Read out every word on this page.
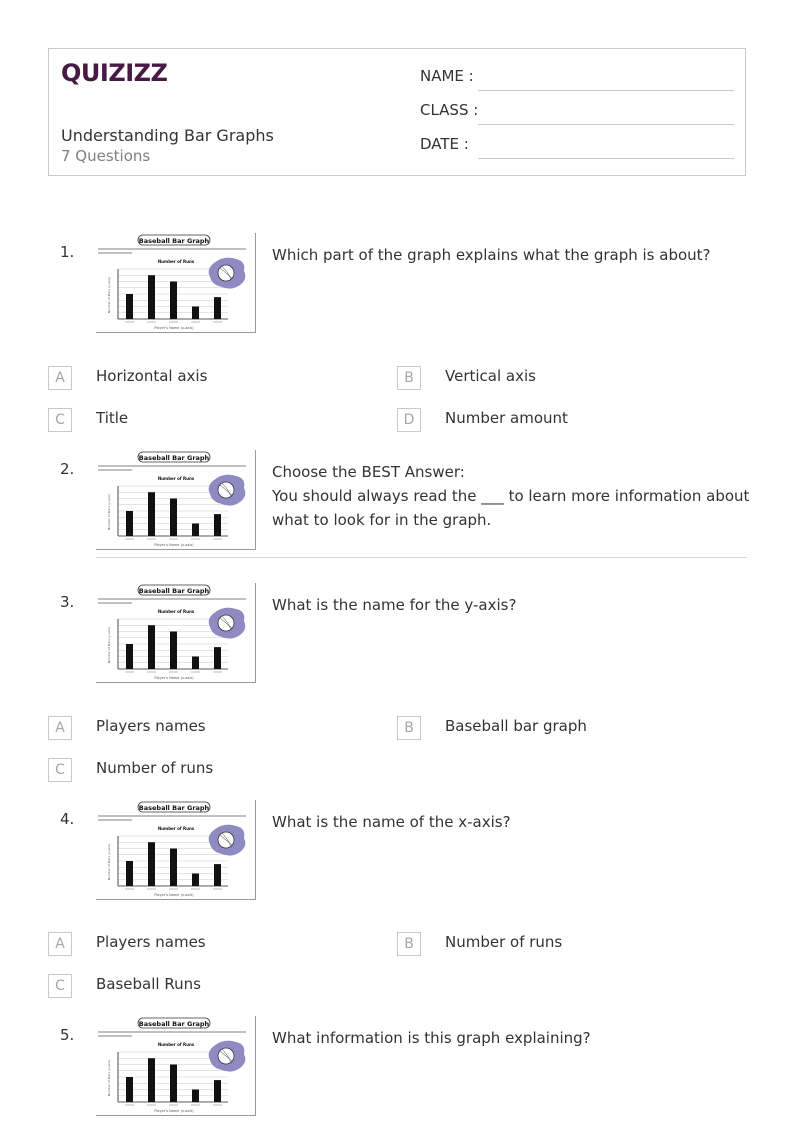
QUIZIZZ
Understanding Bar Graphs
7 Questions
NAME :
CLASS :
DATE :
1.
Baseball Bar Graph
Number of Runs
Number of Runs (y-axis)
Player's Name (x-axis)
Which part of the graph explains what the graph is about?
A	Horizontal axis	B	Vertical axis
C	Title	D	Number amount
2.
Baseball Bar Graph
Number of Runs
Number of Runs (y-axis)
Player's Name (x-axis)
Choose the BEST Answer:
You should always read the ___ to learn more information about what to look for in the graph.
3.
Baseball Bar Graph
Number of Runs
Number of Runs (y-axis)
Player's Name (x-axis)
What is the name for the y-axis?
A	Players names	B	Baseball bar graph
C	Number of runs
4.
Baseball Bar Graph
Number of Runs
Number of Runs (y-axis)
Player's Name (x-axis)
What is the name of the x-axis?
A	Players names	B	Number of runs
C	Baseball Runs
5.
Baseball Bar Graph
Number of Runs
Number of Runs (y-axis)
Player's Name (x-axis)
What information is this graph explaining?
